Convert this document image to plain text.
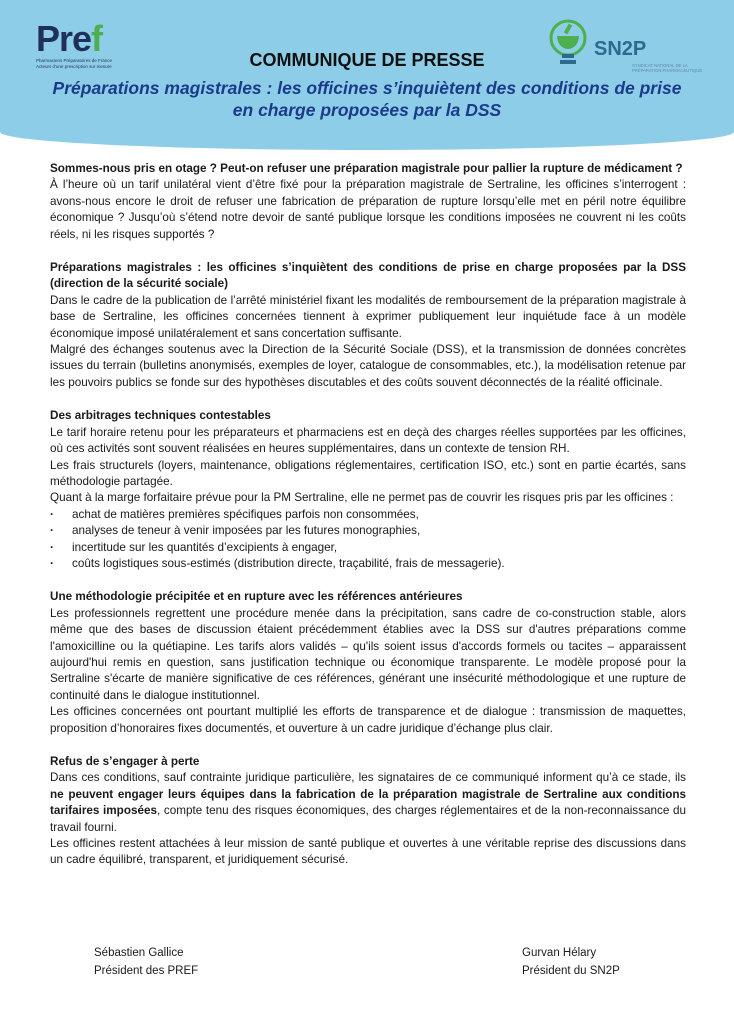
Pref
Pharmaciens Préparatoires de France
Acteurs d'une prescription sur mesure
SN2P
SYNDICAT NATIONAL DE LA PRÉPARATION PHARMACEUTIQUE
COMMUNIQUE DE PRESSE
Préparations magistrales : les officines s’inquiètent des conditions de prise en charge proposées par la DSS

Sommes-nous pris en otage ? Peut-on refuser une préparation magistrale pour pallier la rupture de médicament ?

À l’heure où un tarif unilatéral vient d’être fixé pour la préparation magistrale de Sertraline, les officines s’interrogent : avons-nous encore le droit de refuser une fabrication de préparation de rupture lorsqu’elle met en péril notre équilibre économique ? Jusqu’où s’étend notre devoir de santé publique lorsque les conditions imposées ne couvrent ni les coûts réels, ni les risques supportés ?

Préparations magistrales : les officines s’inquiètent des conditions de prise en charge proposées par la DSS (direction de la sécurité sociale)

Dans le cadre de la publication de l’arrêté ministériel fixant les modalités de remboursement de la préparation magistrale à base de Sertraline, les officines concernées tiennent à exprimer publiquement leur inquiétude face à un modèle économique imposé unilatéralement et sans concertation suffisante.

Malgré des échanges soutenus avec la Direction de la Sécurité Sociale (DSS), et la transmission de données concrètes issues du terrain (bulletins anonymisés, exemples de loyer, catalogue de consommables, etc.), la modélisation retenue par les pouvoirs publics se fonde sur des hypothèses discutables et des coûts souvent déconnectés de la réalité officinale.

Des arbitrages techniques contestables

Le tarif horaire retenu pour les préparateurs et pharmaciens est en deçà des charges réelles supportées par les officines, où ces activités sont souvent réalisées en heures supplémentaires, dans un contexte de tension RH.

Les frais structurels (loyers, maintenance, obligations réglementaires, certification ISO, etc.) sont en partie écartés, sans méthodologie partagée.

Quant à la marge forfaitaire prévue pour la PM Sertraline, elle ne permet pas de couvrir les risques pris par les officines :

· achat de matières premières spécifiques parfois non consommées,
· analyses de teneur à venir imposées par les futures monographies,
· incertitude sur les quantités d’excipients à engager,
· coûts logistiques sous-estimés (distribution directe, traçabilité, frais de messagerie).

Une méthodologie précipitée et en rupture avec les références antérieures

Les professionnels regrettent une procédure menée dans la précipitation, sans cadre de co-construction stable, alors même que des bases de discussion étaient précédemment établies avec la DSS sur d'autres préparations comme l'amoxicilline ou la quétiapine. Les tarifs alors validés – qu'ils soient issus d'accords formels ou tacites – apparaissent aujourd'hui remis en question, sans justification technique ou économique transparente. Le modèle proposé pour la Sertraline s'écarte de manière significative de ces références, générant une insécurité méthodologique et une rupture de continuité dans le dialogue institutionnel.

Les officines concernées ont pourtant multiplié les efforts de transparence et de dialogue : transmission de maquettes, proposition d’honoraires fixes documentés, et ouverture à un cadre juridique d’échange plus clair.

Refus de s’engager à perte

Dans ces conditions, sauf contrainte juridique particulière, les signataires de ce communiqué informent qu’à ce stade, ils ne peuvent engager leurs équipes dans la fabrication de la préparation magistrale de Sertraline aux conditions tarifaires imposées, compte tenu des risques économiques, des charges réglementaires et de la non-reconnaissance du travail fourni.

Les officines restent attachées à leur mission de santé publique et ouvertes à une véritable reprise des discussions dans un cadre équilibré, transparent, et juridiquement sécurisé.

Sébastien Gallice
Président des PREF
Gurvan Hélary
Président du SN2P
